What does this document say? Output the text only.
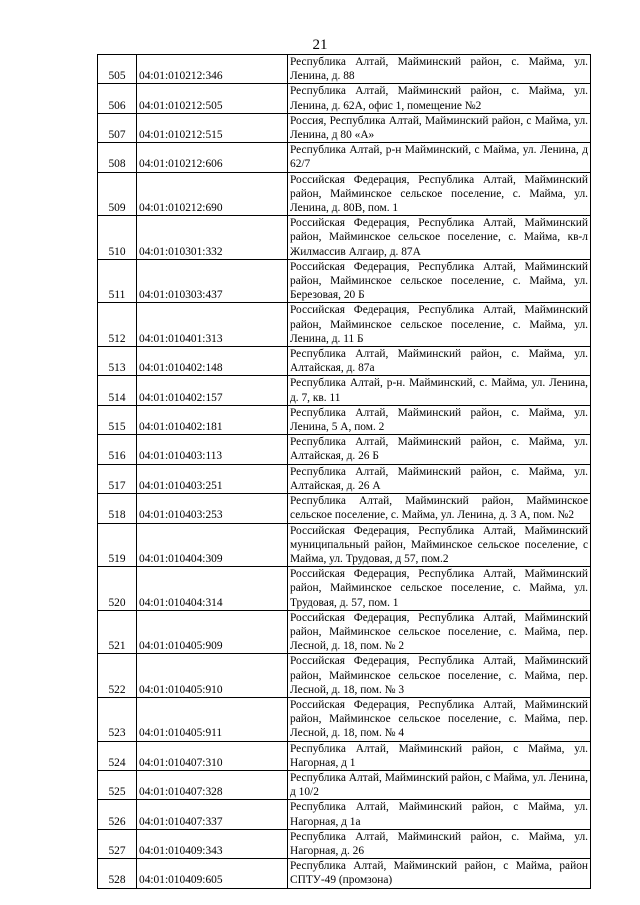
21
505	04:01:010212:346	Республика Алтай, Майминский район, с. Майма, ул. Ленина, д. 88
506	04:01:010212:505	Республика Алтай, Майминский район, с. Майма, ул. Ленина, д. 62А, офис 1, помещение №2
507	04:01:010212:515	Россия, Республика Алтай, Майминский район, с Майма, ул. Ленина, д 80 «А»
508	04:01:010212:606	Республика Алтай, р-н Майминский, с Майма, ул. Ленина, д 62/7
509	04:01:010212:690	Российская Федерация, Республика Алтай, Майминский район, Майминское сельское поселение, с. Майма, ул. Ленина, д. 80В, пом. 1
510	04:01:010301:332	Российская Федерация, Республика Алтай, Майминский район, Майминское сельское поселение, с. Майма, кв-л Жилмассив Алгаир, д. 87А
511	04:01:010303:437	Российская Федерация, Республика Алтай, Майминский район, Майминское сельское поселение, с. Майма, ул. Березовая, 20 Б
512	04:01:010401:313	Российская Федерация, Республика Алтай, Майминский район, Майминское сельское поселение, с. Майма, ул. Ленина, д. 11 Б
513	04:01:010402:148	Республика Алтай, Майминский район, с. Майма, ул. Алтайская, д. 87а
514	04:01:010402:157	Республика Алтай, р-н. Майминский, с. Майма, ул. Ленина, д. 7, кв. 11
515	04:01:010402:181	Республика Алтай, Майминский район, с. Майма, ул. Ленина, 5 А, пом. 2
516	04:01:010403:113	Республика Алтай, Майминский район, с. Майма, ул. Алтайская, д. 26 Б
517	04:01:010403:251	Республика Алтай, Майминский район, с. Майма, ул. Алтайская, д. 26 А
518	04:01:010403:253	Республика Алтай, Майминский район, Майминское сельское поселение, с. Майма, ул. Ленина, д. 3 А, пом. №2
519	04:01:010404:309	Российская Федерация, Республика Алтай, Майминский муниципальный район, Майминское сельское поселение, с Майма, ул. Трудовая, д 57, пом.2
520	04:01:010404:314	Российская Федерация, Республика Алтай, Майминский район, Майминское сельское поселение, с. Майма, ул. Трудовая, д. 57, пом. 1
521	04:01:010405:909	Российская Федерация, Республика Алтай, Майминский район, Майминское сельское поселение, с. Майма, пер. Лесной, д. 18, пом. № 2
522	04:01:010405:910	Российская Федерация, Республика Алтай, Майминский район, Майминское сельское поселение, с. Майма, пер. Лесной, д. 18, пом. № 3
523	04:01:010405:911	Российская Федерация, Республика Алтай, Майминский район, Майминское сельское поселение, с. Майма, пер. Лесной, д. 18, пом. № 4
524	04:01:010407:310	Республика Алтай, Майминский район, с Майма, ул. Нагорная, д 1
525	04:01:010407:328	Республика Алтай, Майминский район, с Майма, ул. Ленина, д 10/2
526	04:01:010407:337	Республика Алтай, Майминский район, с Майма, ул. Нагорная, д 1а
527	04:01:010409:343	Республика Алтай, Майминский район, с. Майма, ул. Нагорная, д. 26
528	04:01:010409:605	Республика Алтай, Майминский район, с Майма, район СПТУ-49 (промзона)
